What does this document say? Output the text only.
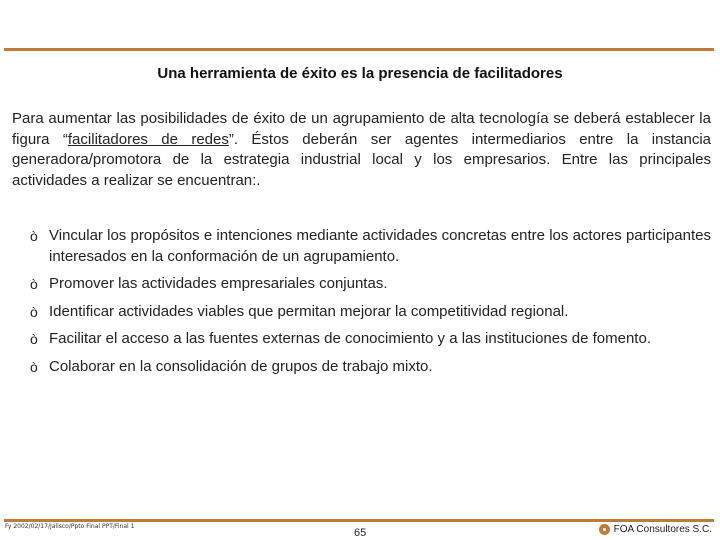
Una herramienta de éxito es la presencia de facilitadores

Para aumentar las posibilidades de éxito de un agrupamiento de alta tecnología se deberá establecer la figura “facilitadores de redes”. Éstos deberán ser agentes intermediarios entre la instancia generadora/promotora de la estrategia industrial local y los empresarios. Entre las principales actividades a realizar se encuentran:.

ò Vincular los propósitos e intenciones mediante actividades concretas entre los actores participantes interesados en la conformación de un agrupamiento.
ò Promover las actividades empresariales conjuntas.
ò Identificar actividades viables que permitan mejorar la competitividad regional.
ò Facilitar el acceso a las fuentes externas de conocimiento y a las instituciones de fomento.
ò Colaborar en la consolidación de grupos de trabajo mixto.
Fy 2002/02/17/Jalisco/Ppto Final PPT/Final 1
65	FOA Consultores S.C.
